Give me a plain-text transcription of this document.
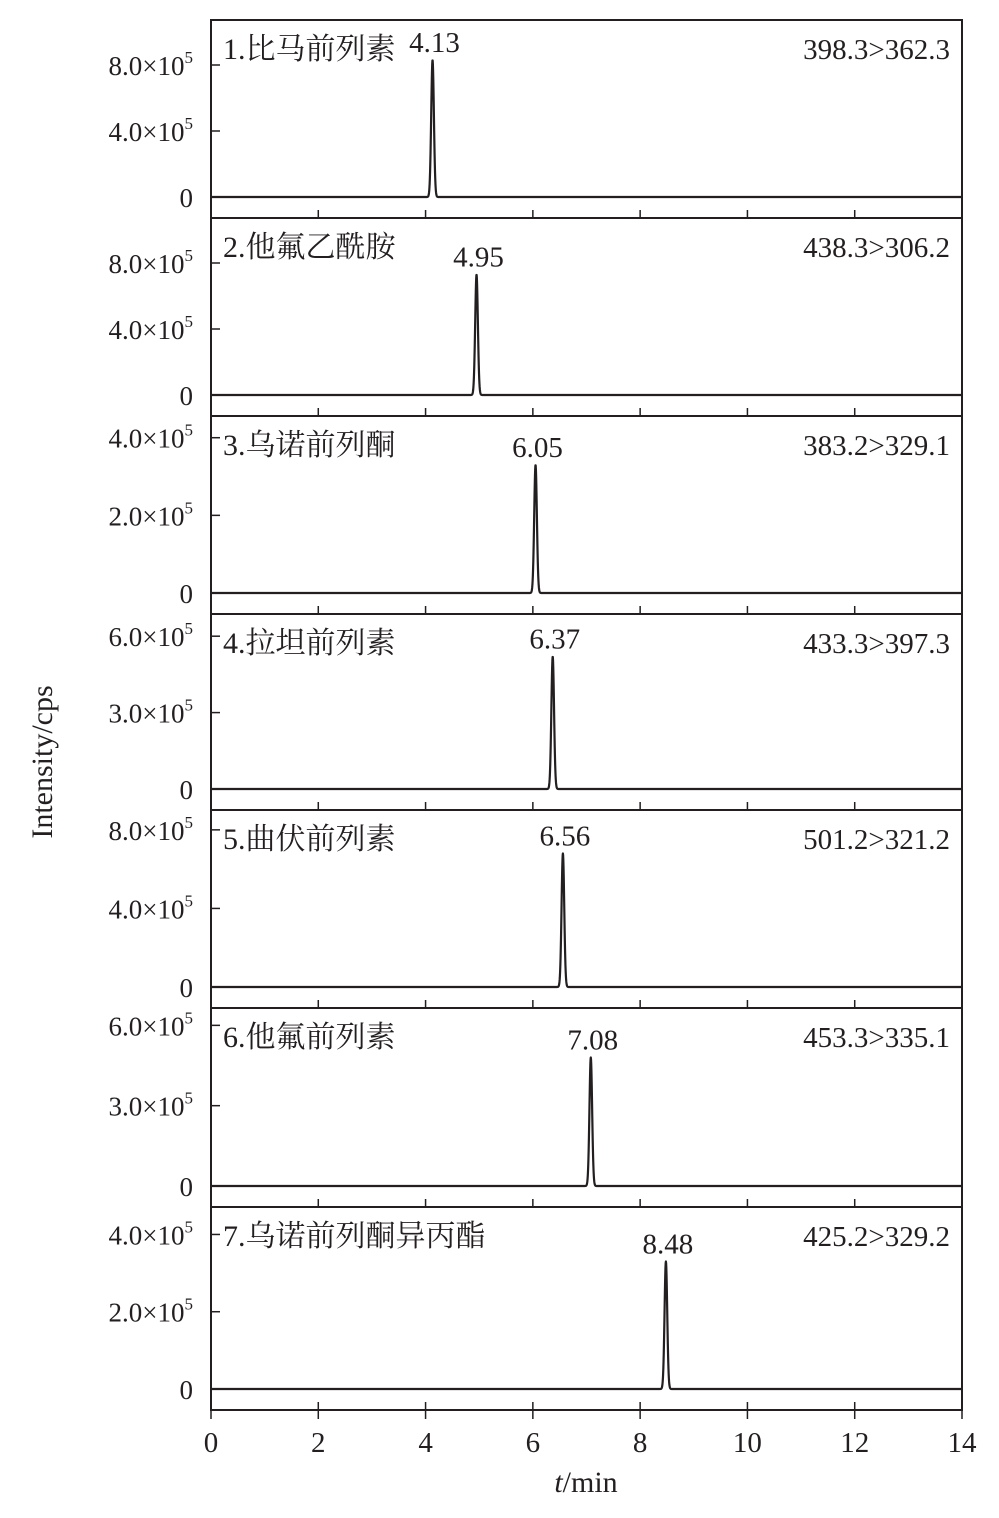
0
$4.0\times 10^5$
$8.0\times 10^5$	4.13
1.比马前列素	398.3>362.3
0
$4.0\times 10^5$
$8.0\times 10^5$	4.95
2.他氟乙酰胺	438.3>306.2
0
$2.0\times 10^5$
$4.0\times 10^5$
6.05
3.乌诺前列酮	383.2>329.1
0
$3.0\times 10^5$
$6.0\times 10^5$	6.37
4.拉坦前列素	433.3>397.3
0
$4.0\times 10^5$
$8.0\times 10^5$	6.56
5.曲伏前列素	501.2>321.2
0
$3.0\times 10^5$
$6.0\times 10^5$
7.08
6.他氟前列素	453.3>335.1
0
$2.0\times 10^5$
$4.0\times 10^5$
8.48
7.乌诺前列酮异丙酯	425.2>329.2
0	2	4	6	8	10	12	14
Intensity/cps
t/min
